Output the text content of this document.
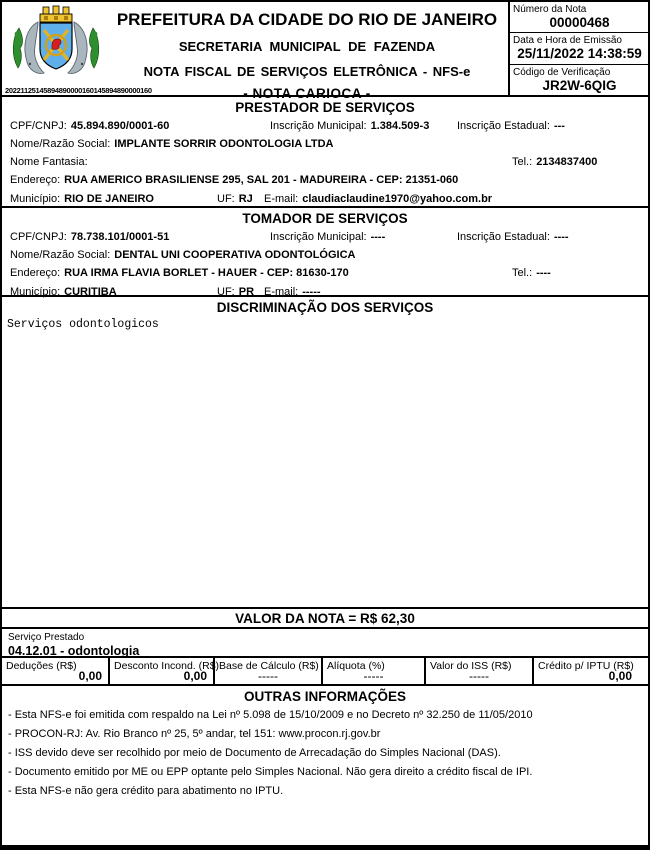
20221125145894890000160145894890000160
PREFEITURA DA CIDADE DO RIO DE JANEIRO
SECRETARIA MUNICIPAL DE FAZENDA
NOTA FISCAL DE SERVIÇOS ELETRÔNICA - NFS-e
- NOTA CARIOCA -
Número da Nota
00000468
Data e Hora de Emissão
25/11/2022 14:38:59
Código de Verificação
JR2W-6QIG
PRESTADOR DE SERVIÇOS
CPF/CNPJ: 45.894.890/0001-60	Inscrição Municipal: 1.384.509-3	Inscrição Estadual: ---
Nome/Razão Social: IMPLANTE SORRIR ODONTOLOGIA LTDA
Nome Fantasia:	Tel.: 2134837400
Endereço: RUA AMERICO BRASILIENSE 295, SAL 201 - MADUREIRA - CEP: 21351-060
Município: RIO DE JANEIRO	UF: RJ E-mail: claudiaclaudine1970@yahoo.com.br
TOMADOR DE SERVIÇOS
CPF/CNPJ: 78.738.101/0001-51	Inscrição Municipal: ----	Inscrição Estadual: ----
Nome/Razão Social: DENTAL UNI COOPERATIVA ODONTOLÓGICA
Endereço: RUA IRMA FLAVIA BORLET - HAUER - CEP: 81630-170	Tel.: ----
Município: CURITIBA	UF: PR E-mail: -----
DISCRIMINAÇÃO DOS SERVIÇOS
Serviços odontologicos
VALOR DA NOTA = R$ 62,30
Serviço Prestado
04.12.01 - odontologia
Deduções (R$)
0,00
Desconto Incond. (R$)
0,00
Base de Cálculo (R$)
-----
Alíquota (%)
-----
Valor do ISS (R$)
-----
Crédito p/ IPTU (R$)
0,00
OUTRAS INFORMAÇÕES
- Esta NFS-e foi emitida com respaldo na Lei nº 5.098 de 15/10/2009 e no Decreto nº 32.250 de 11/05/2010
- PROCON-RJ: Av. Rio Branco nº 25, 5º andar, tel 151: www.procon.rj.gov.br
- ISS devido deve ser recolhido por meio de Documento de Arrecadação do Simples Nacional (DAS).
- Documento emitido por ME ou EPP optante pelo Simples Nacional. Não gera direito a crédito fiscal de IPI.
- Esta NFS-e não gera crédito para abatimento no IPTU.
